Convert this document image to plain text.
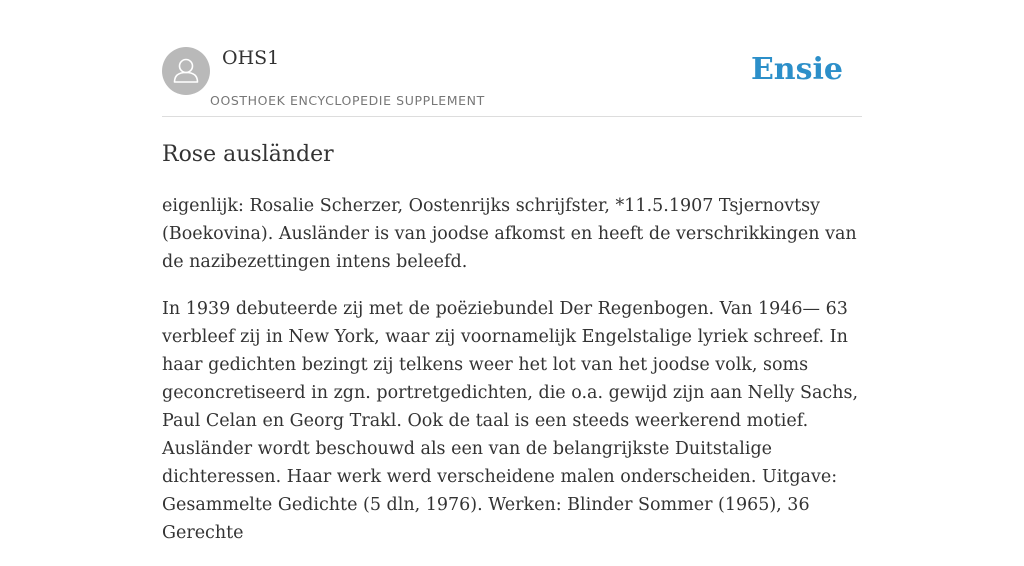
OHS1
OOSTHOEK ENCYCLOPEDIE SUPPLEMENT
Ensie
Rose ausländer

eigenlijk: Rosalie Scherzer, Oostenrijks schrijfster, *11.5.1907 Tsjernovtsy (Boekovina). Ausländer is van joodse afkomst en heeft de verschrikkingen van de nazibezettingen intens beleefd.

In 1939 debuteerde zij met de poëziebundel Der Regenbogen. Van 1946— 63 verbleef zij in New York, waar zij voornamelijk Engelstalige lyriek schreef. In haar gedichten bezingt zij telkens weer het lot van het joodse volk, soms geconcretiseerd in zgn. portretgedichten, die o.a. gewijd zijn aan Nelly Sachs, Paul Celan en Georg Trakl. Ook de taal is een steeds weerkerend motief. Ausländer wordt beschouwd als een van de belangrijkste Duitstalige dichteressen. Haar werk werd verscheidene malen onderscheiden. Uitgave: Gesammelte Gedichte (5 dln, 1976). Werken: Blinder Sommer (1965), 36 Gerechte
